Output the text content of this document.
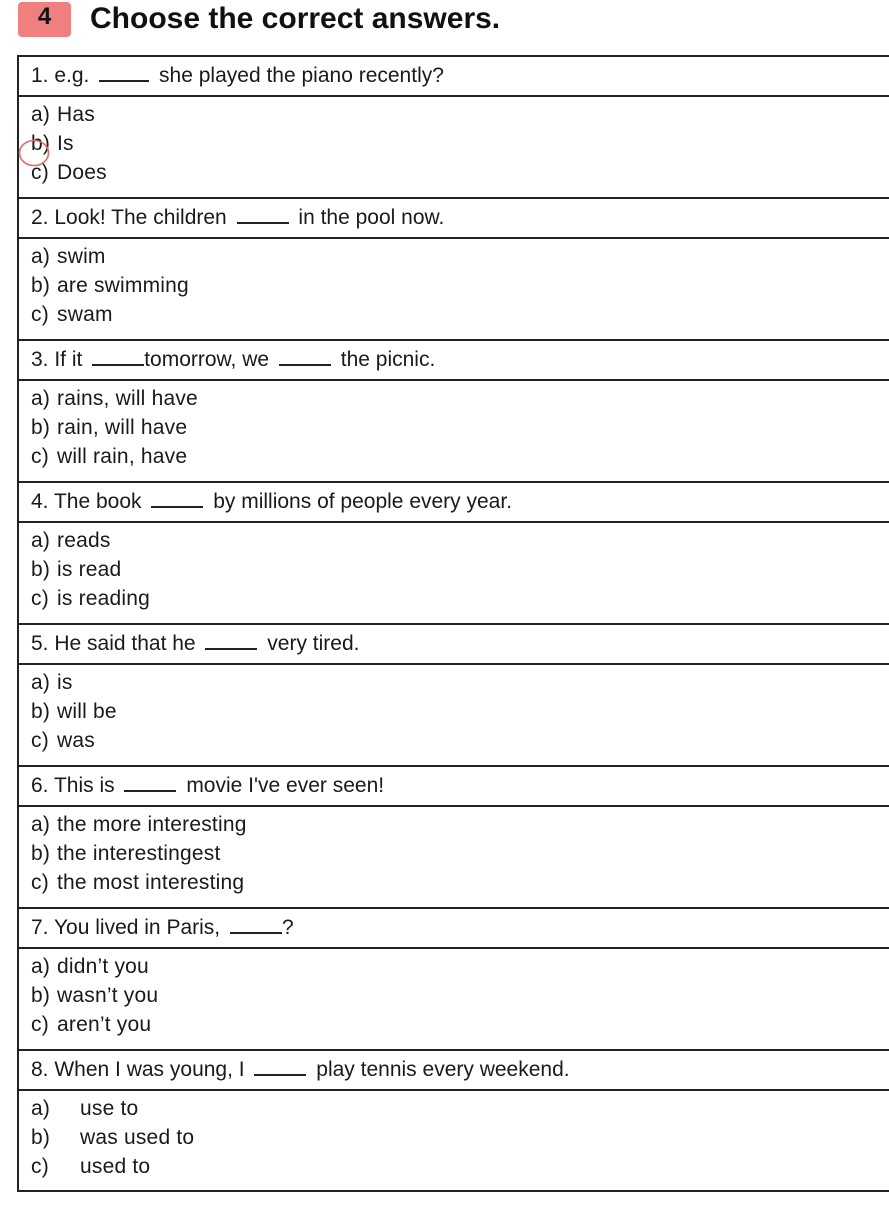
4	Choose the correct answers.
1. e.g.	she played the piano recently?
a) Has
b) Is
c) Does
2. Look! The children	in the pool now.
a) swim
b) are swimming
c) swam
3. If it	tomorrow, we	the picnic.
a) rains, will have
b) rain, will have
c) will rain, have
4. The book	by millions of people every year.
a) reads
b) is read
c) is reading
5. He said that he	very tired.
a) is
b) will be
c) was
6. This is	movie I've ever seen!
a) the more interesting
b) the interestingest
c) the most interesting
7. You lived in Paris,	?
a) didn’t you
b) wasn’t you
c) aren’t you
8. When I was young, I	play tennis every weekend.
a) use to
b) was used to
c) used to
